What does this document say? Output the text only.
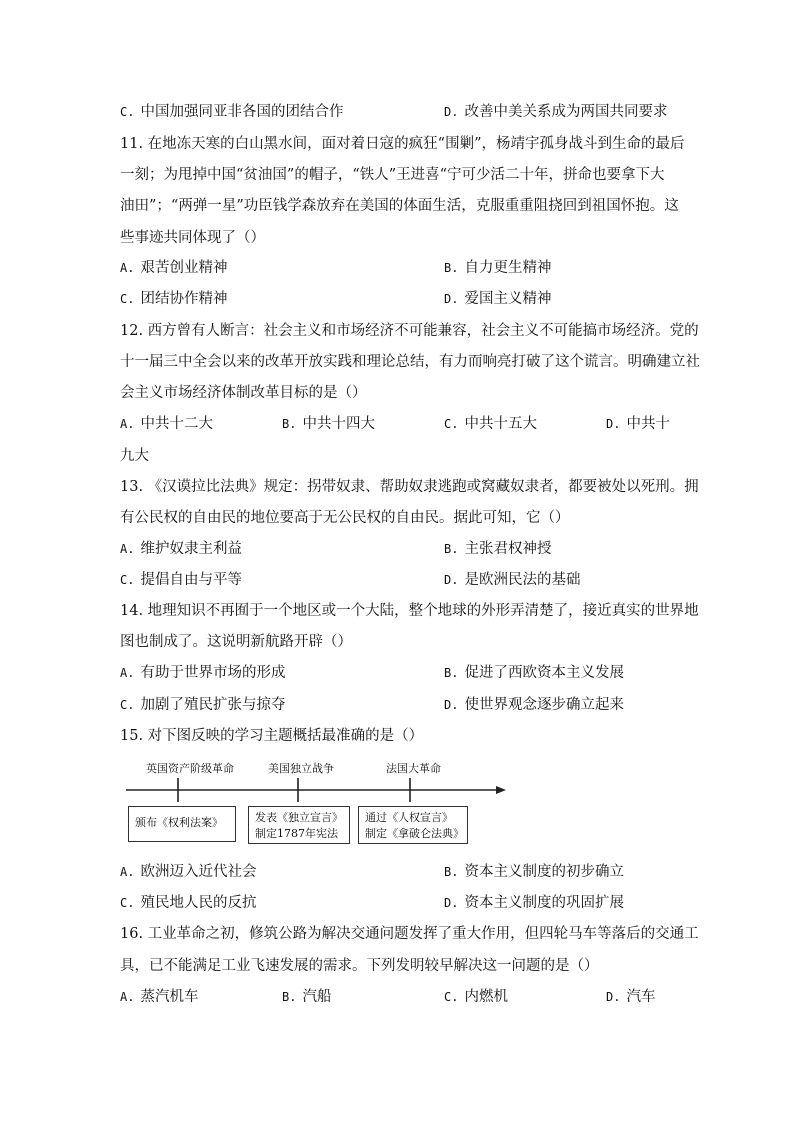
C. 中国加强同亚非各国的团结合作	D. 改善中美关系成为两国共同要求
11. 在地冻天寒的白山黑水间，面对着日寇的疯狂“围剿”，杨靖宇孤身战斗到生命的最后
一刻；为甩掉中国“贫油国”的帽子，“铁人”王进喜“宁可少活二十年，拼命也要拿下大
油田”；“两弹一星”功臣钱学森放弃在美国的体面生活，克服重重阻挠回到祖国怀抱。这
些事迹共同体现了（）
A. 艰苦创业精神	B. 自力更生精神
C. 团结协作精神	D. 爱国主义精神
12. 西方曾有人断言：社会主义和市场经济不可能兼容，社会主义不可能搞市场经济。党的
十一届三中全会以来的改革开放实践和理论总结，有力而响亮打破了这个谎言。明确建立社
会主义市场经济体制改革目标的是（）
A. 中共十二大	B. 中共十四大	C. 中共十五大	D. 中共十
九大
13. 《汉谟拉比法典》规定：拐带奴隶、帮助奴隶逃跑或窝藏奴隶者，都要被处以死刑。拥
有公民权的自由民的地位要高于无公民权的自由民。据此可知，它（）
A. 维护奴隶主利益	B. 主张君权神授
C. 提倡自由与平等	D. 是欧洲民法的基础
14. 地理知识不再囿于一个地区或一个大陆，整个地球的外形弄清楚了，接近真实的世界地
图也制成了。这说明新航路开辟（）
A. 有助于世界市场的形成	B. 促进了西欧资本主义发展
C. 加剧了殖民扩张与掠夺	D. 使世界观念逐步确立起来
15. 对下图反映的学习主题概括最准确的是（）
英国资产阶级革命	美国独立战争	法国大革命
颁布《权利法案》	发表《独立宣言》
制定1787年宪法
通过《人权宣言》
制定《拿破仑法典》
A. 欧洲迈入近代社会	B. 资本主义制度的初步确立
C. 殖民地人民的反抗	D. 资本主义制度的巩固扩展
16. 工业革命之初，修筑公路为解决交通问题发挥了重大作用，但四轮马车等落后的交通工
具，已不能满足工业飞速发展的需求。下列发明较早解决这一问题的是（）
A. 蒸汽机车	B. 汽船	C. 内燃机	D. 汽车
